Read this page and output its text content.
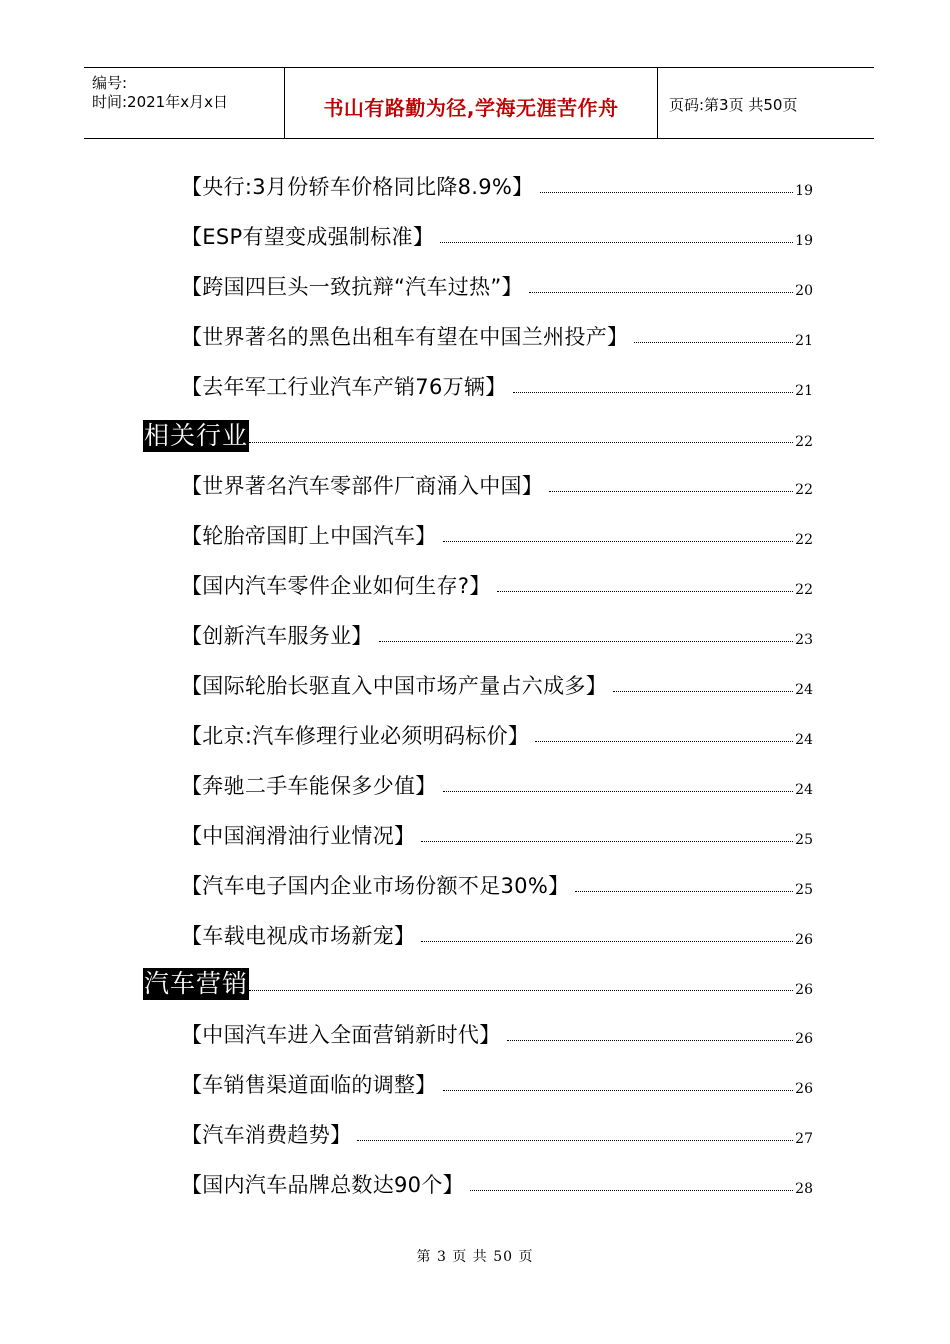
编号:
时间:2021年x月x日	书山有路勤为径,学海无涯苦作舟	页码:第3页 共50页
【央行:3月份轿车价格同比降8.9%】	19
【ESP有望变成强制标准】	19
【跨国四巨头一致抗辩“汽车过热”】	20
【世界著名的黑色出租车有望在中国兰州投产】	21
【去年军工行业汽车产销76万辆】	21
相关行业	22
【世界著名汽车零部件厂商涌入中国】	22
【轮胎帝国盯上中国汽车】	22
【国内汽车零件企业如何生存?】	22
【创新汽车服务业】	23
【国际轮胎长驱直入中国市场产量占六成多】	24
【北京:汽车修理行业必须明码标价】	24
【奔驰二手车能保多少值】	24
【中国润滑油行业情况】	25
【汽车电子国内企业市场份额不足30%】	25
【车载电视成市场新宠】	26
汽车营销	26
【中国汽车进入全面营销新时代】	26
【车销售渠道面临的调整】	26
【汽车消费趋势】	27
【国内汽车品牌总数达90个】	28
第 3 页 共 50 页
